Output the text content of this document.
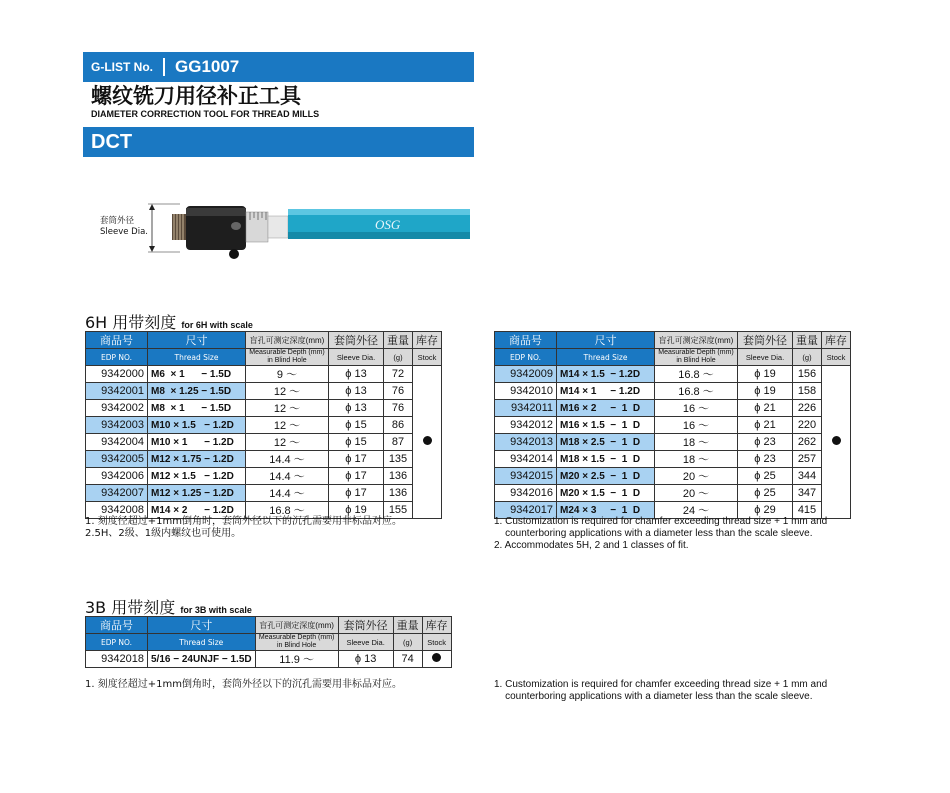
G-LIST No. GG1007
螺纹铣刀用径补正工具
DIAMETER CORRECTION TOOL FOR THREAD MILLS
DCT
套筒外径
Sleeve Dia.	OSG
6H 用带刻度 for 6H with scale
商品号	尺寸	盲孔可测定深度(mm)	套筒外径	重量	库存
EDP NO.	Thread Size	Measurable Depth (mm) in Blind Hole	Sleeve Dia.	(g)	Stock
9342000	M6  × 1      − 1.5D	9 ～	ϕ 13	72	
9342001	M8  × 1.25 − 1.5D	12 ～	ϕ 13	76	
9342002	M8  × 1      − 1.5D	12 ～	ϕ 13	76	
9342003	M10 × 1.5   − 1.2D	12 ～	ϕ 15	86	
9342004	M10 × 1      − 1.2D	12 ～	ϕ 15	87	
9342005	M12 × 1.75 − 1.2D	14.4 ～	ϕ 17	135	
9342006	M12 × 1.5   − 1.2D	14.4 ～	ϕ 17	136	
9342007	M12 × 1.25 − 1.2D	14.4 ～	ϕ 17	136	
9342008	M14 × 2      − 1.2D	16.8 ～	ϕ 19	155	
商品号	尺寸	盲孔可测定深度(mm)	套筒外径	重量	库存
EDP NO.	Thread Size	Measurable Depth (mm) in Blind Hole	Sleeve Dia.	(g)	Stock
9342009	M14 × 1.5  − 1.2D	16.8 ～	ϕ 19	156	
9342010	M14 × 1     − 1.2D	16.8 ～	ϕ 19	158	
9342011	M16 × 2     −  1  D	16 ～	ϕ 21	226	
9342012	M16 × 1.5  −  1  D	16 ～	ϕ 21	220	
9342013	M18 × 2.5  −  1  D	18 ～	ϕ 23	262	
9342014	M18 × 1.5  −  1  D	18 ～	ϕ 23	257	
9342015	M20 × 2.5  −  1  D	20 ～	ϕ 25	344	
9342016	M20 × 1.5  −  1  D	20 ～	ϕ 25	347	
9342017	M24 × 3     −  1  D	24 ～	ϕ 29	415	
1. 刻度径超过+1mm倒角时，套筒外径以下的沉孔需要用非标品对应。
2.5H、2级、1级内螺纹也可使用。
1. Customization is required for chamfer exceeding thread size + 1 mm and
counterboring applications with a diameter less than the scale sleeve.
2. Accommodates 5H, 2 and 1 classes of fit.
3B 用带刻度 for 3B with scale
商品号	尺寸	盲孔可测定深度(mm)	套筒外径	重量	库存
EDP NO.	Thread Size	Measurable Depth (mm) in Blind Hole	Sleeve Dia.	(g)	Stock
9342018	5/16 − 24UNJF − 1.5D	11.9 ～	ϕ 13	74	
1. 刻度径超过+1mm倒角时，套筒外径以下的沉孔需要用非标品对应。	1. Customization is required for chamfer exceeding thread size + 1 mm and
counterboring applications with a diameter less than the scale sleeve.
